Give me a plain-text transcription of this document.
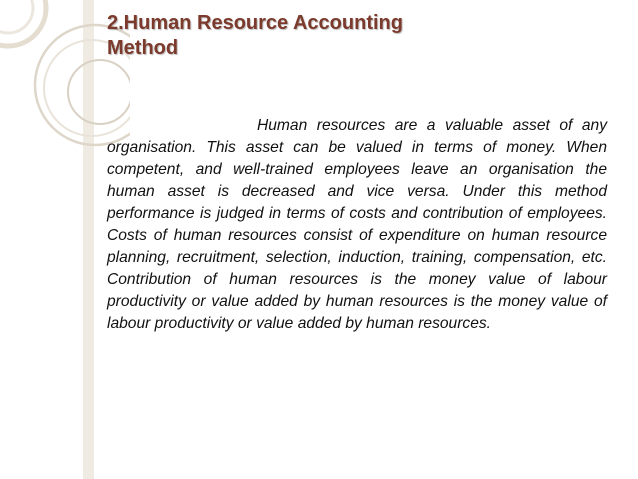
2.Human Resource Accounting
Method
Human resources are a valuable asset of any organisation. This asset can be valued in terms of money. When competent, and well-trained employees leave an organisation the human asset is decreased and vice versa. Under this method performance is judged in terms of costs and contribution of employees. Costs of human resources consist of expenditure on human resource planning, recruitment, selection, induction, training, compensation, etc. Contribution of human resources is the money value of labour productivity or value added by human resources is the money value of labour productivity or value added by human resources.
